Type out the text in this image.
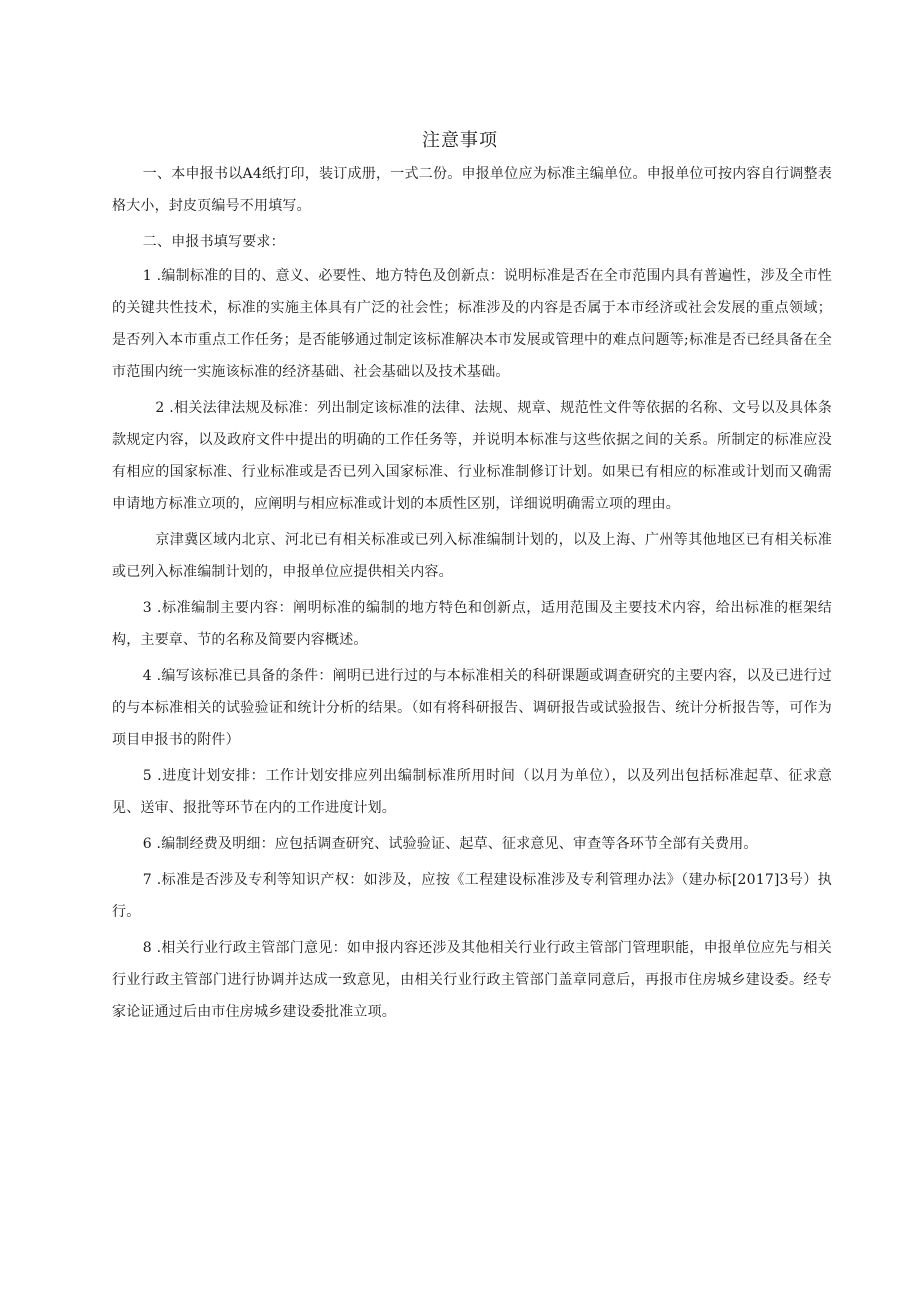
注意事项

一、本申报书以A4纸打印，装订成册，一式二份。申报单位应为标准主编单位。申报单位可按内容自行调整表格大小，封皮页编号不用填写。

二、申报书填写要求：

1 .编制标准的目的、意义、必要性、地方特色及创新点：说明标准是否在全市范围内具有普遍性，涉及全市性的关键共性技术，标准的实施主体具有广泛的社会性；标准涉及的内容是否属于本市经济或社会发展的重点领域；是否列入本市重点工作任务；是否能够通过制定该标准解决本市发展或管理中的难点问题等;标准是否已经具备在全市范围内统一实施该标准的经济基础、社会基础以及技术基础。

2 .相关法律法规及标准：列出制定该标准的法律、法规、规章、规范性文件等依据的名称、文号以及具体条款规定内容，以及政府文件中提出的明确的工作任务等，并说明本标准与这些依据之间的关系。所制定的标准应没有相应的国家标准、行业标准或是否已列入国家标准、行业标准制修订计划。如果已有相应的标准或计划而又确需申请地方标准立项的，应阐明与相应标准或计划的本质性区别，详细说明确需立项的理由。

京津冀区域内北京、河北已有相关标准或已列入标准编制计划的，以及上海、广州等其他地区已有相关标准或已列入标准编制计划的，申报单位应提供相关内容。

3 .标准编制主要内容：阐明标准的编制的地方特色和创新点，适用范围及主要技术内容，给出标准的框架结构，主要章、节的名称及简要内容概述。

4 .编写该标准已具备的条件：阐明已进行过的与本标准相关的科研课题或调查研究的主要内容，以及已进行过的与本标准相关的试验验证和统计分析的结果。（如有将科研报告、调研报告或试验报告、统计分析报告等，可作为项目申报书的附件）

5 .进度计划安排：工作计划安排应列出编制标准所用时间（以月为单位），以及列出包括标准起草、征求意见、送审、报批等环节在内的工作进度计划。

6 .编制经费及明细：应包括调查研究、试验验证、起草、征求意见、审查等各环节全部有关费用。

7 .标准是否涉及专利等知识产权：如涉及，应按《工程建设标准涉及专利管理办法》（建办标[2017]3号）执行。

8 .相关行业行政主管部门意见：如申报内容还涉及其他相关行业行政主管部门管理职能，申报单位应先与相关行业行政主管部门进行协调并达成一致意见，由相关行业行政主管部门盖章同意后，再报市住房城乡建设委。经专家论证通过后由市住房城乡建设委批准立项。
